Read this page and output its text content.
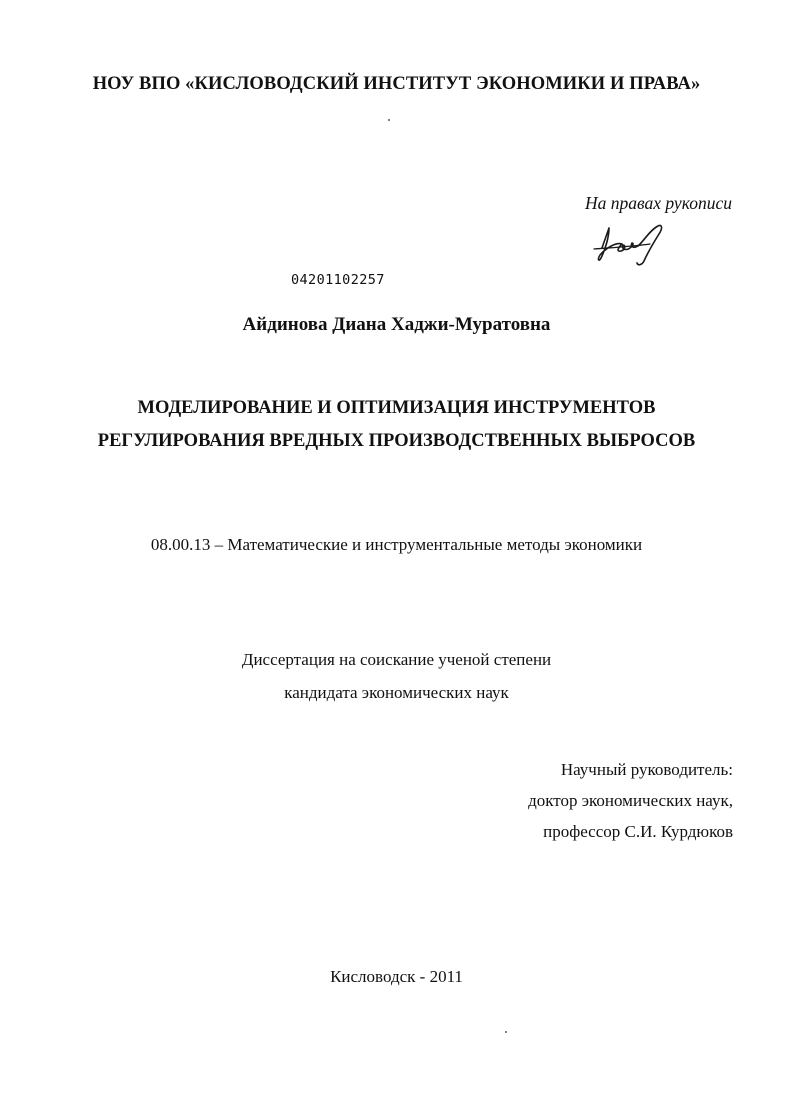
НОУ ВПО «КИСЛОВОДСКИЙ ИНСТИТУТ ЭКОНОМИКИ И ПРАВА»
На правах рукописи
04201102257
Айдинова Диана Хаджи-Муратовна
МОДЕЛИРОВАНИЕ И ОПТИМИЗАЦИЯ ИНСТРУМЕНТОВ
РЕГУЛИРОВАНИЯ ВРЕДНЫХ ПРОИЗВОДСТВЕННЫХ ВЫБРОСОВ
08.00.13 – Математические и инструментальные методы экономики
Диссертация на соискание ученой степени
кандидата экономических наук
Научный руководитель:
доктор экономических наук,
профессор С.И. Курдюков
Кисловодск - 2011
